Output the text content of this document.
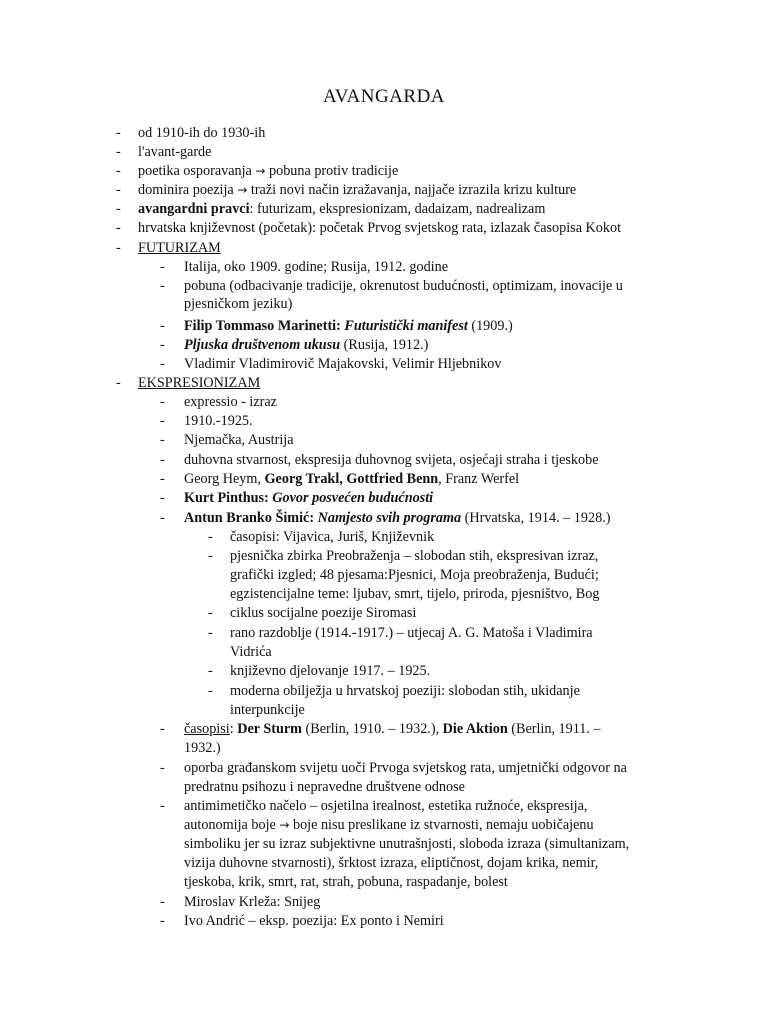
AVANGARDA
- od 1910-ih do 1930-ih
- l'avant-garde
- poetika osporavanja → pobuna protiv tradicije
- dominira poezija → traži novi način izražavanja, najjače izrazila krizu kulture
- avangardni pravci: futurizam, ekspresionizam, dadaizam, nadrealizam
- hrvatska književnost (početak): početak Prvog svjetskog rata, izlazak časopisa Kokot
- FUTURIZAM
- Italija, oko 1909. godine; Rusija, 1912. godine
- pobuna (odbacivanje tradicije, okrenutost budućnosti, optimizam, inovacije u
pjesničkom jeziku)
- Filip Tommaso Marinetti: Futuristički manifest (1909.)
- Pljuska društvenom ukusu (Rusija, 1912.)
- Vladimir Vladimirovič Majakovski, Velimir Hljebnikov
- EKSPRESIONIZAM
- expressio - izraz
- 1910.-1925.
- Njemačka, Austrija
- duhovna stvarnost, ekspresija duhovnog svijeta, osjećaji straha i tjeskobe
- Georg Heym, Georg Trakl, Gottfried Benn, Franz Werfel
- Kurt Pinthus: Govor posvećen budućnosti
- Antun Branko Šimić: Namjesto svih programa (Hrvatska, 1914. – 1928.)
- časopisi: Vijavica, Juriš, Književnik
- pjesnička zbirka Preobraženja – slobodan stih, ekspresivan izraz,
grafički izgled; 48 pjesama:Pjesnici, Moja preobraženja, Budući;
egzistencijalne teme: ljubav, smrt, tijelo, priroda, pjesništvo, Bog
- ciklus socijalne poezije Siromasi
- rano razdoblje (1914.-1917.) – utjecaj A. G. Matoša i Vladimira
Vidrića
- književno djelovanje 1917. – 1925.
- moderna obilježja u hrvatskoj poeziji: slobodan stih, ukidanje
interpunkcije
- časopisi: Der Sturm (Berlin, 1910. – 1932.), Die Aktion (Berlin, 1911. –
1932.)
- oporba građanskom svijetu uoči Prvoga svjetskog rata, umjetnički odgovor na
predratnu psihozu i nepravedne društvene odnose
- antimimetičko načelo – osjetilna irealnost, estetika ružnoće, ekspresija,
autonomija boje → boje nisu preslikane iz stvarnosti, nemaju uobičajenu
simboliku jer su izraz subjektivne unutrašnjosti, sloboda izraza (simultanizam,
vizija duhovne stvarnosti), šrktost izraza, eliptičnost, dojam krika, nemir,
tjeskoba, krik, smrt, rat, strah, pobuna, raspadanje, bolest
- Miroslav Krleža: Snijeg
- Ivo Andrić – eksp. poezija: Ex ponto i Nemiri
